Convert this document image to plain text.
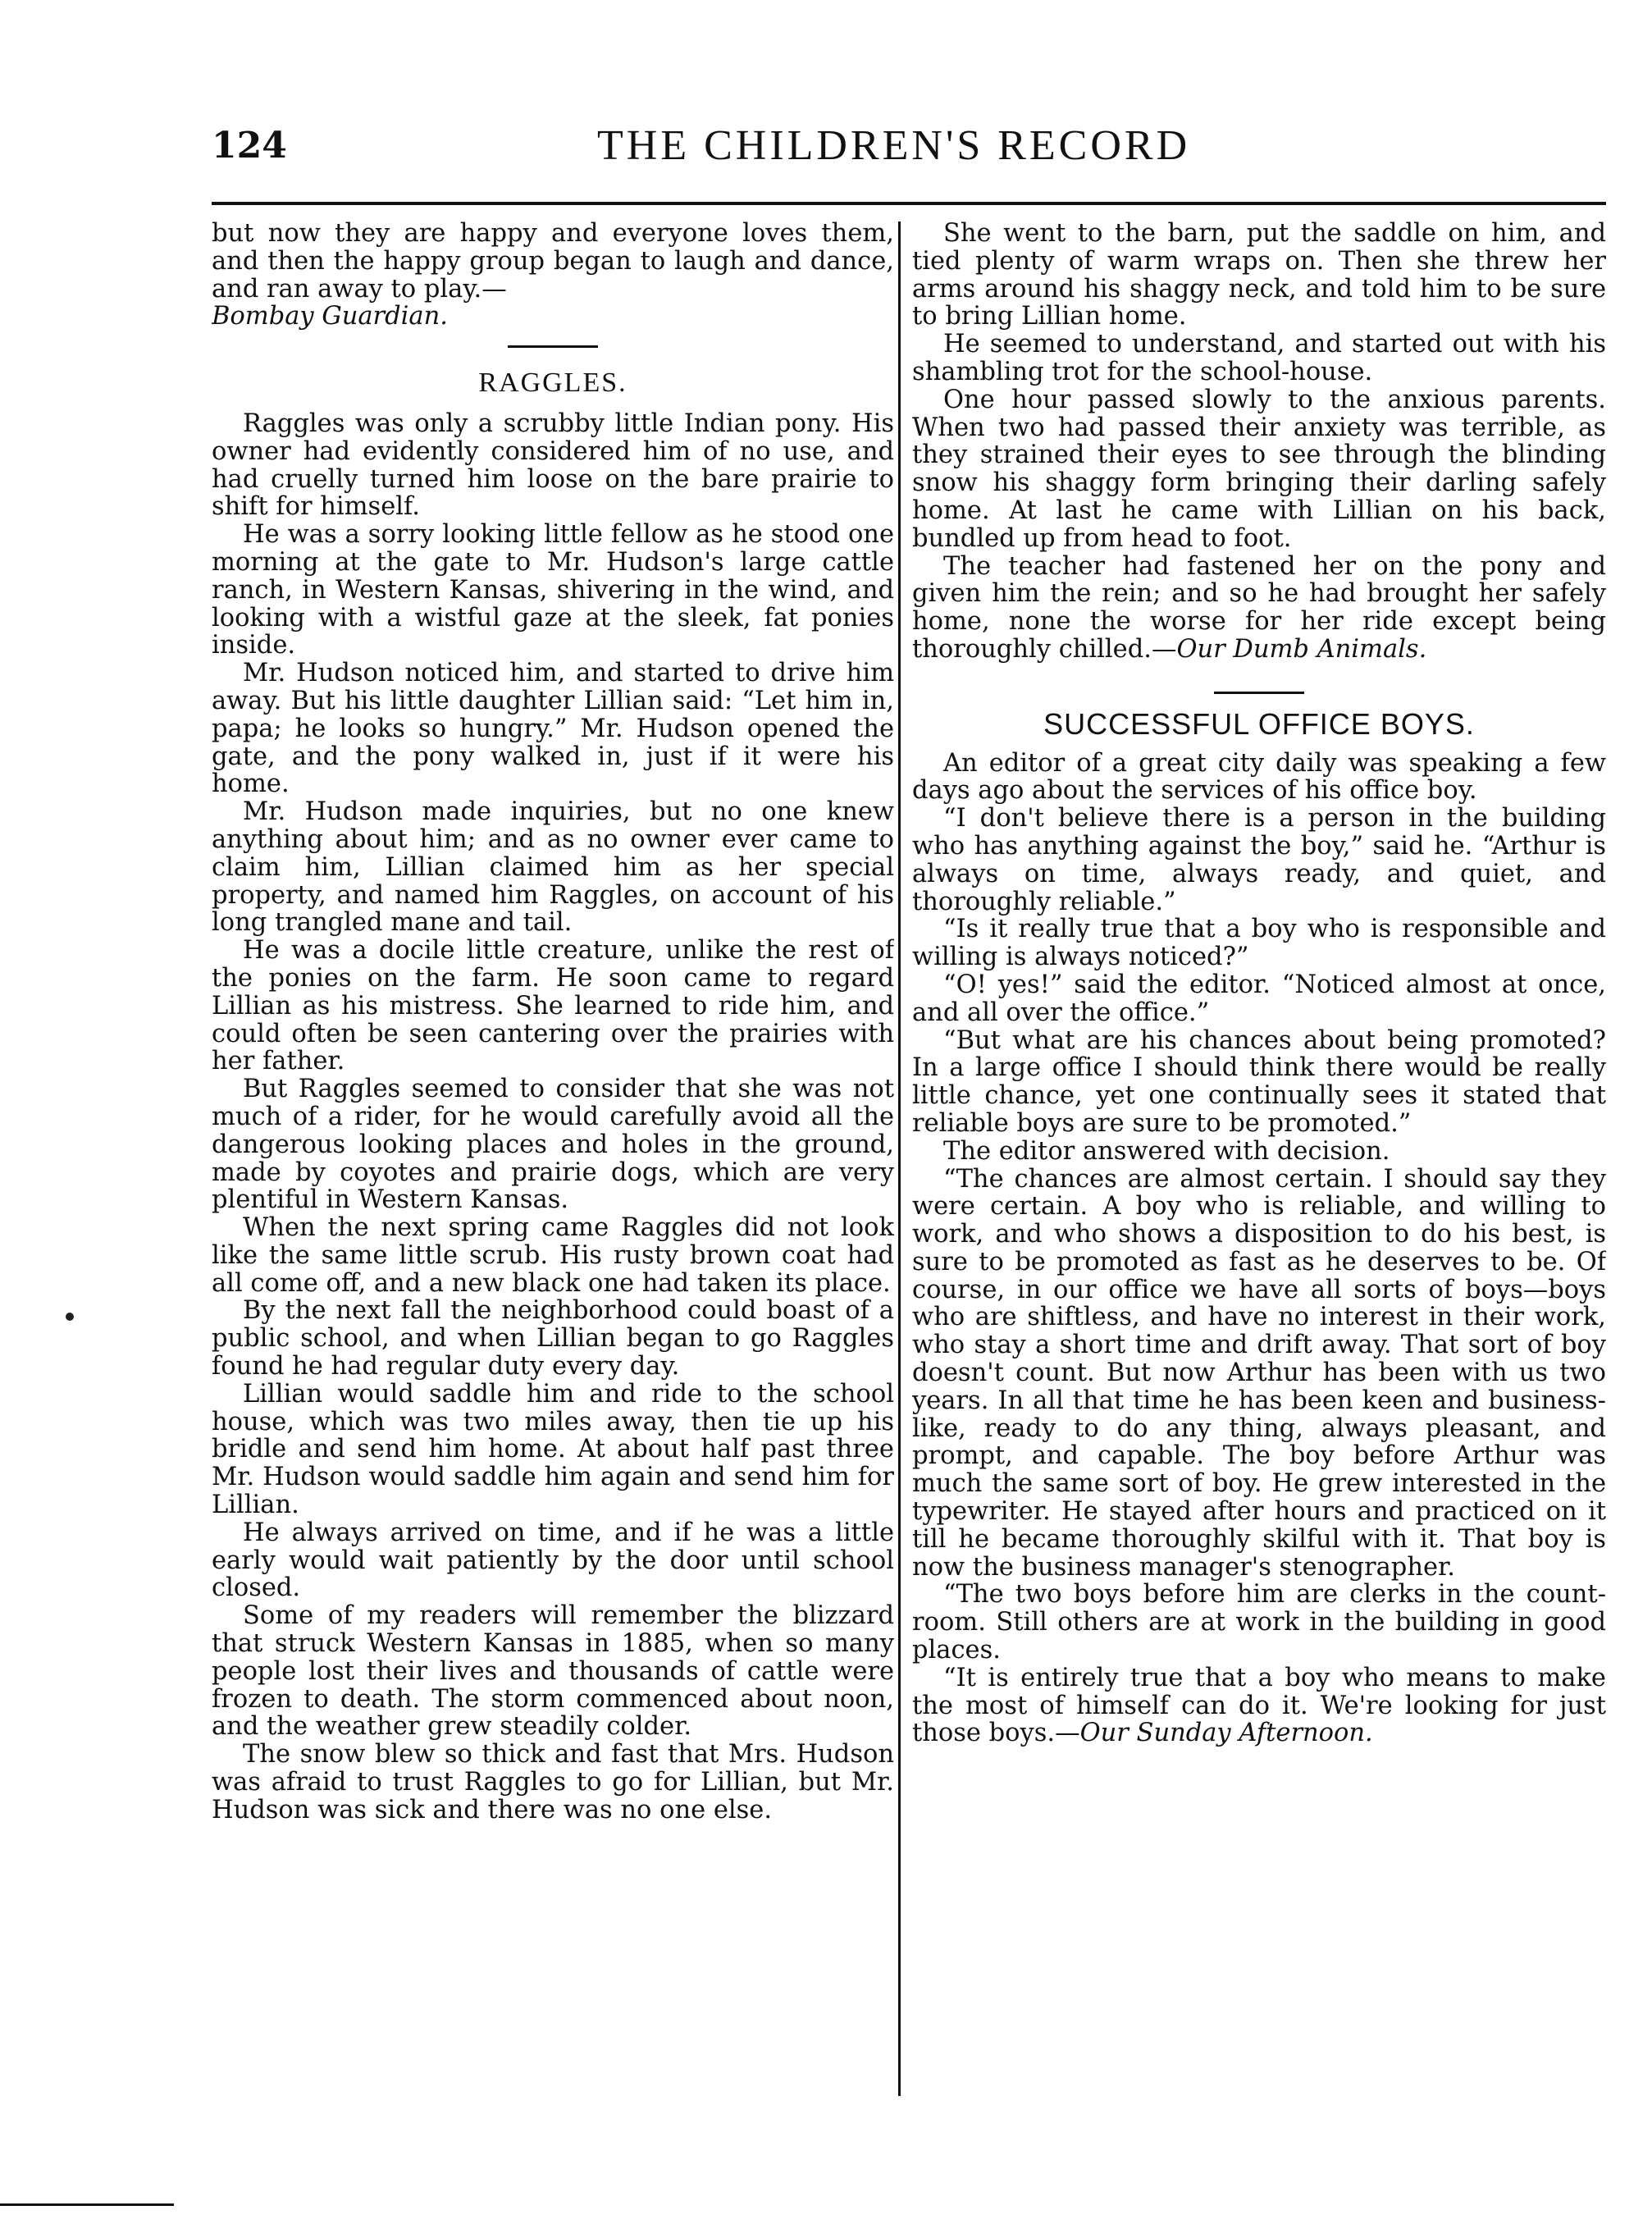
124	THE CHILDREN'S RECORD

but now they are happy and everyone loves them, and then the happy group began to laugh and dance, and ran away to play.—
Bombay Guardian.

RAGGLES.

Raggles was only a scrubby little Indian pony. His owner had evidently considered him of no use, and had cruelly turned him loose on the bare prairie to shift for himself.

He was a sorry looking little fellow as he stood one morning at the gate to Mr. Hudson's large cattle ranch, in Western Kansas, shivering in the wind, and looking with a wistful gaze at the sleek, fat ponies inside.

Mr. Hudson noticed him, and started to drive him away. But his little daughter Lillian said: “Let him in, papa; he looks so hungry.” Mr. Hudson opened the gate, and the pony walked in, just if it were his home.

Mr. Hudson made inquiries, but no one knew anything about him; and as no owner ever came to claim him, Lillian claimed him as her special property, and named him Raggles, on account of his long trangled mane and tail.

He was a docile little creature, unlike the rest of the ponies on the farm. He soon came to regard Lillian as his mistress. She learned to ride him, and could often be seen cantering over the prairies with her father.

But Raggles seemed to consider that she was not much of a rider, for he would carefully avoid all the dangerous looking places and holes in the ground, made by coyotes and prairie dogs, which are very plentiful in Western Kansas.

When the next spring came Raggles did not look like the same little scrub. His rusty brown coat had all come off, and a new black one had taken its place.

By the next fall the neighborhood could boast of a public school, and when Lillian began to go Raggles found he had regular duty every day.

Lillian would saddle him and ride to the school house, which was two miles away, then tie up his bridle and send him home. At about half past three Mr. Hudson would saddle him again and send him for Lillian.

He always arrived on time, and if he was a little early would wait patiently by the door until school closed.

Some of my readers will remember the blizzard that struck Western Kansas in 1885, when so many people lost their lives and thousands of cattle were frozen to death. The storm commenced about noon, and the weather grew steadily colder.

The snow blew so thick and fast that Mrs. Hudson was afraid to trust Raggles to go for Lillian, but Mr. Hudson was sick and there was no one else.

She went to the barn, put the saddle on him, and tied plenty of warm wraps on. Then she threw her arms around his shaggy neck, and told him to be sure to bring Lillian home.

He seemed to understand, and started out with his shambling trot for the school-house.

One hour passed slowly to the anxious parents. When two had passed their anxiety was terrible, as they strained their eyes to see through the blinding snow his shaggy form bringing their darling safely home. At last he came with Lillian on his back, bundled up from head to foot.

The teacher had fastened her on the pony and given him the rein; and so he had brought her safely home, none the worse for her ride except being thoroughly chilled.—Our Dumb Animals.

SUCCESSFUL OFFICE BOYS.

An editor of a great city daily was speaking a few days ago about the services of his office boy.

“I don't believe there is a person in the building who has anything against the boy,” said he. “Arthur is always on time, always ready, and quiet, and thoroughly reliable.”

“Is it really true that a boy who is responsible and willing is always noticed?”

“O! yes!” said the editor. “Noticed almost at once, and all over the office.”

“But what are his chances about being promoted? In a large office I should think there would be really little chance, yet one continually sees it stated that reliable boys are sure to be promoted.”

The editor answered with decision.

“The chances are almost certain. I should say they were certain. A boy who is reliable, and willing to work, and who shows a disposition to do his best, is sure to be promoted as fast as he deserves to be. Of course, in our office we have all sorts of boys—boys who are shiftless, and have no interest in their work, who stay a short time and drift away. That sort of boy doesn't count. But now Arthur has been with us two years. In all that time he has been keen and business-like, ready to do any thing, always pleasant, and prompt, and capable. The boy before Arthur was much the same sort of boy. He grew interested in the typewriter. He stayed after hours and practiced on it till he became thoroughly skilful with it. That boy is now the business manager's stenographer.

“The two boys before him are clerks in the count-room. Still others are at work in the building in good places.

“It is entirely true that a boy who means to make the most of himself can do it. We're looking for just those boys.—Our Sunday Afternoon.
